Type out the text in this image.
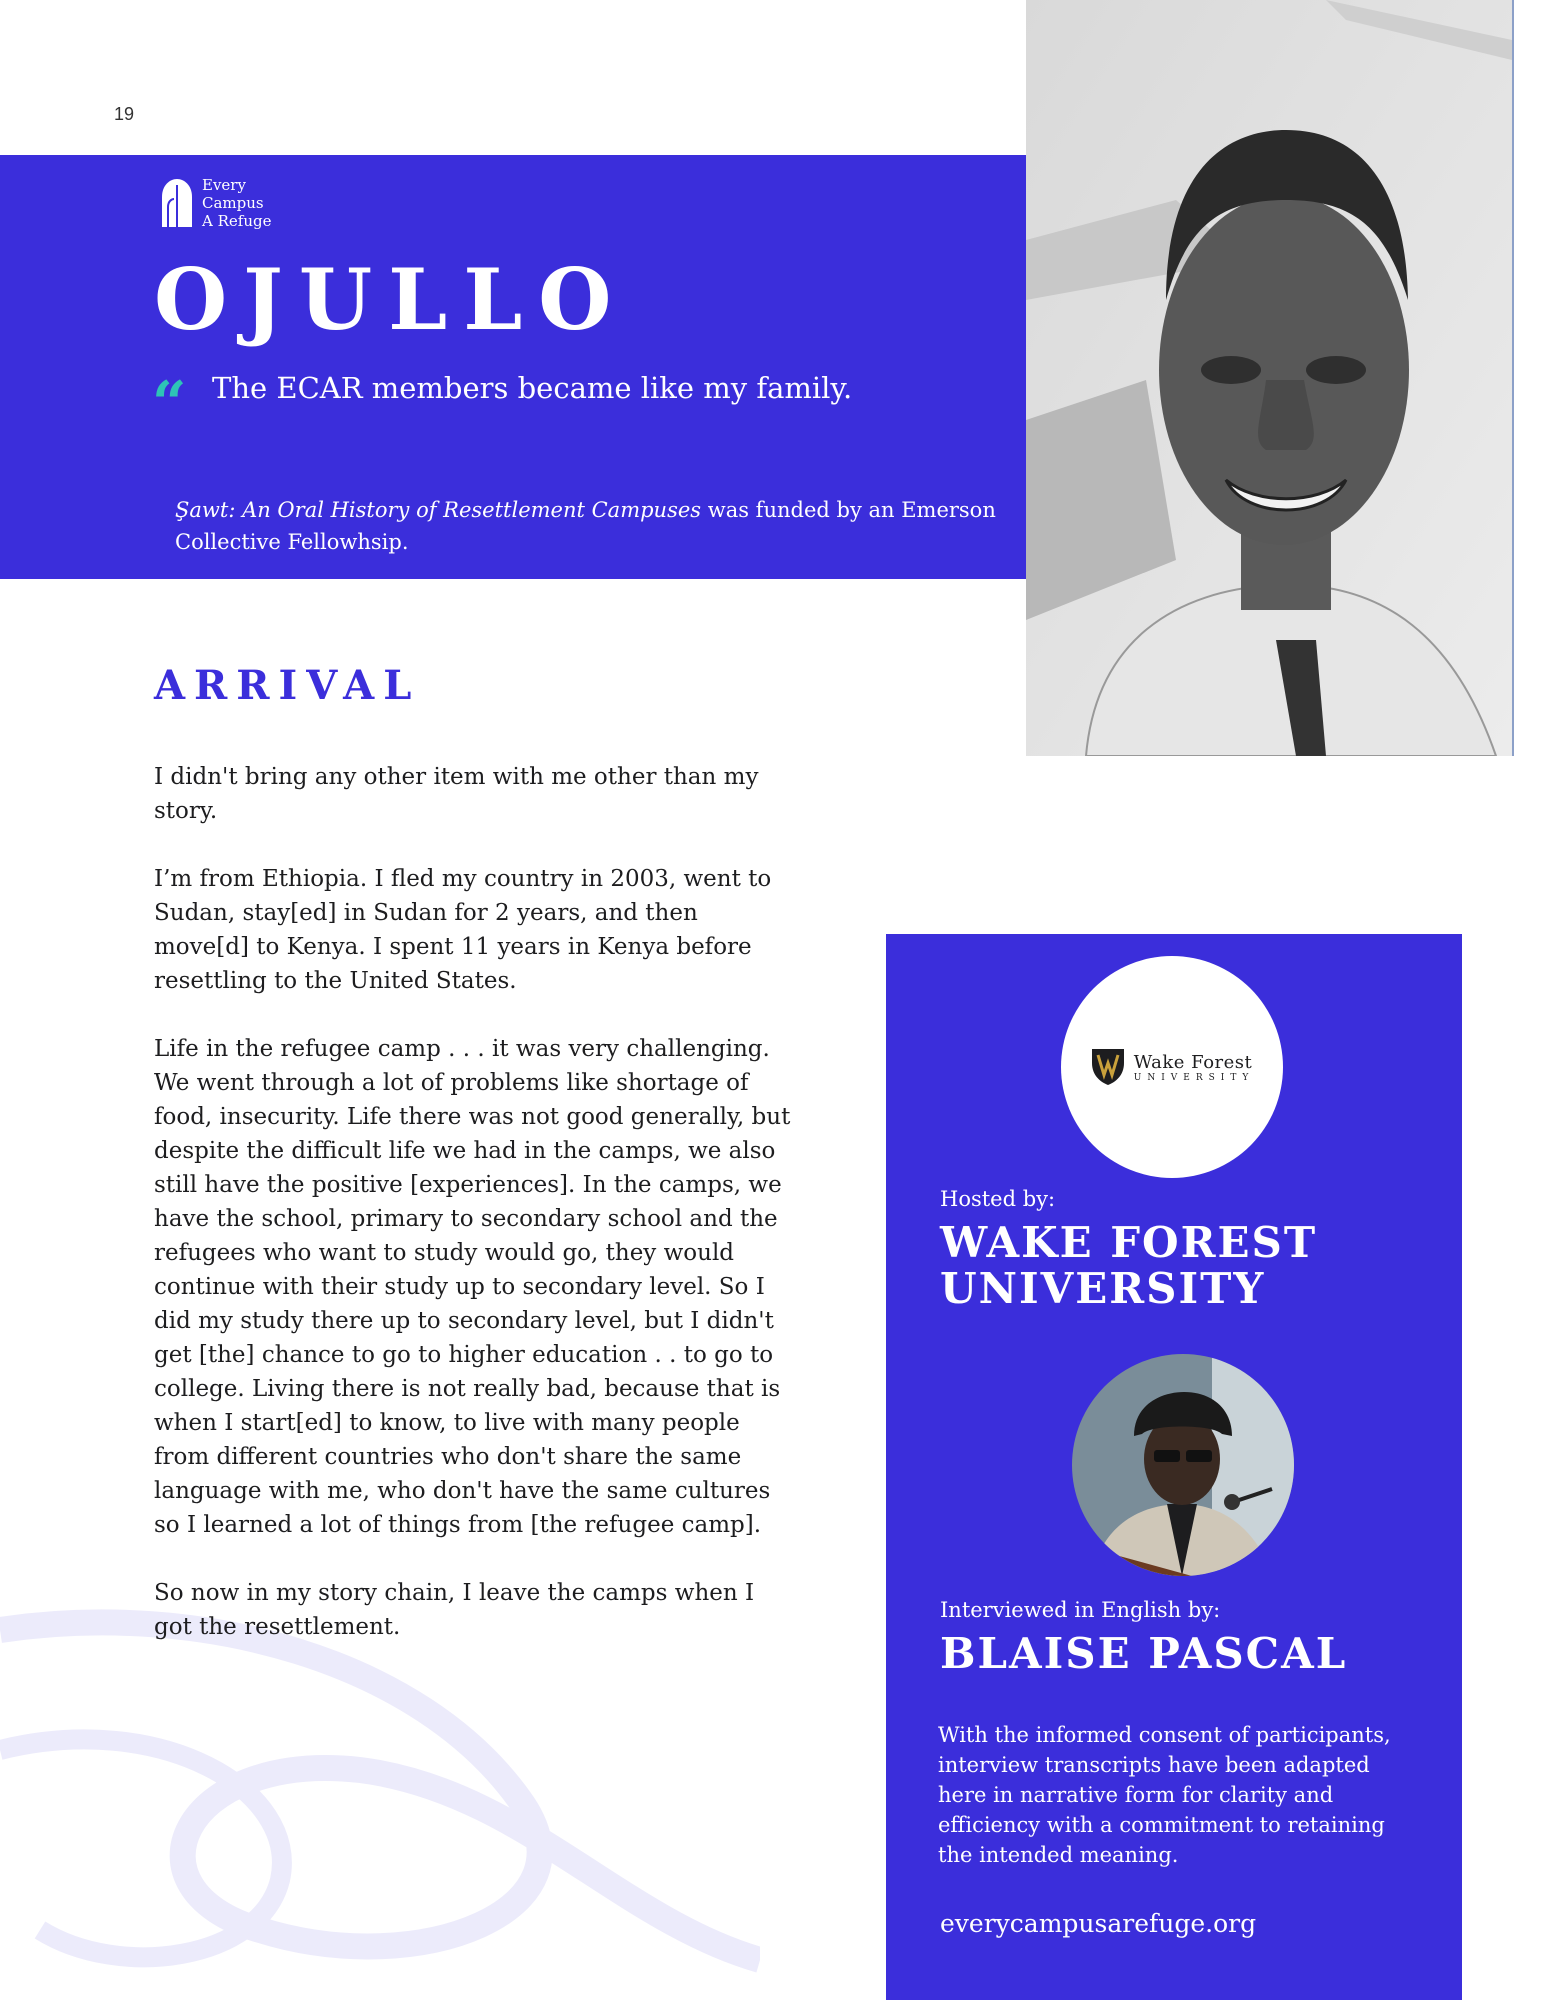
19
Every
Campus
A Refuge
OJULLO
“ The ECAR members became like my family.
Şawt: An Oral History of Resettlement Campuses was funded by an Emerson Collective Fellowhsip.
ARRIVAL

I didn't bring any other item with me other than my story.

I’m from Ethiopia. I fled my country in 2003, went to Sudan, stay[ed] in Sudan for 2 years, and then move[d] to Kenya. I spent 11 years in Kenya before resettling to the United States.

Life in the refugee camp . . . it was very challenging. We went through a lot of problems like shortage of food, insecurity. Life there was not good generally, but despite the difficult life we had in the camps, we also still have the positive [experiences]. In the camps, we have the school, primary to secondary school and the refugees who want to study would go, they would continue with their study up to secondary level. So I did my study there up to secondary level, but I didn't get [the] chance to go to higher education . . to go to college. Living there is not really bad, because that is when I start[ed] to know, to live with many people from different countries who don't share the same language with me, who don't have the same cultures so I learned a lot of things from [the refugee camp].

So now in my story chain, I leave the camps when I got the resettlement.

Wake Forest
UNIVERSITY
Hosted by:
WAKE FOREST
UNIVERSITY
Interviewed in English by:
BLAISE PASCAL
With the informed consent of participants, interview transcripts have been adapted here in narrative form for clarity and efficiency with a commitment to retaining the intended meaning.
everycampusarefuge.org
